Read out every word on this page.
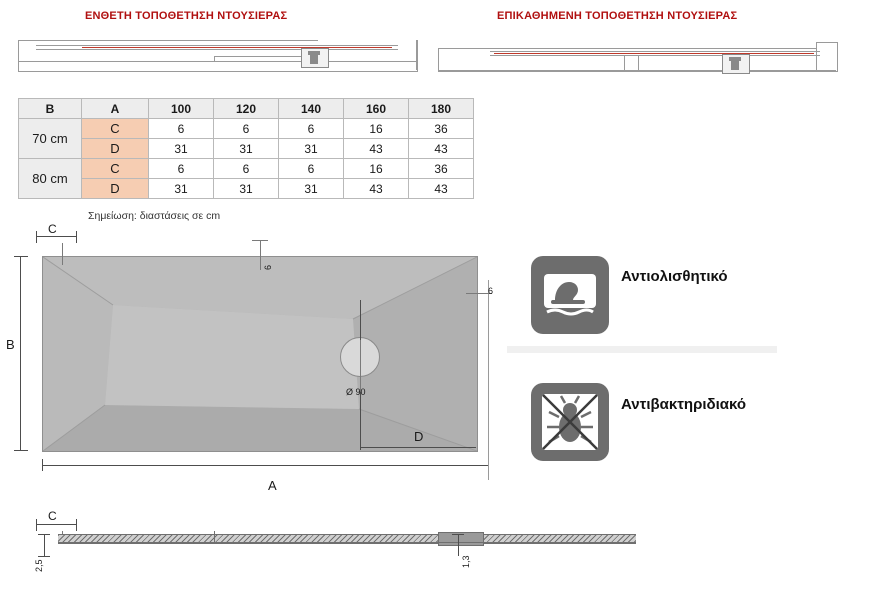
ΕΝΘΕΤΗ ΤΟΠΟΘΕΤΗΣΗ ΝΤΟΥΣΙΕΡΑΣ	ΕΠΙΚΑΘΗΜΕΝΗ ΤΟΠΟΘΕΤΗΣΗ ΝΤΟΥΣΙΕΡΑΣ
B	A	100	120	140	160	180
70 cm	C	6	6	6	16	36
	D	31	31	31	43	43
80 cm	C	6	6	6	16	36
	D	31	31	31	43	43
Σημείωση: διαστάσεις σε cm
C
B
A
D
6
6
Ø 90
Αντιολισθητικό
Αντιβακτηριδιακό
C
2,5	1,3
